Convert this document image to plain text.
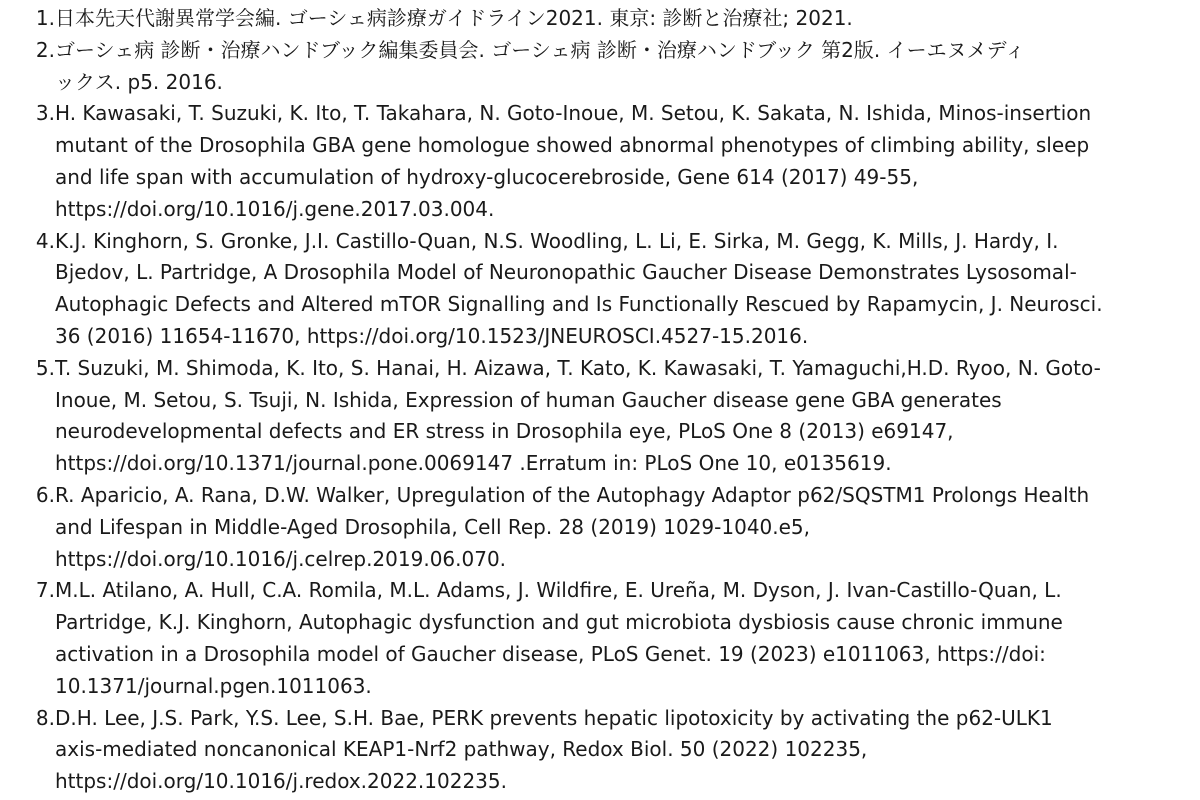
1. 日本先天代謝異常学会編. ゴーシェ病診療ガイドライン2021. 東京: 診断と治療社; 2021.
2. ゴーシェ病 診断・治療ハンドブック編集委員会. ゴーシェ病 診断・治療ハンドブック 第2版. イーエヌメディ
ックス. p5. 2016.
3. H. Kawasaki, T. Suzuki, K. Ito, T. Takahara, N. Goto-Inoue, M. Setou, K. Sakata, N. Ishida, Minos-insertion
mutant of the Drosophila GBA gene homologue showed abnormal phenotypes of climbing ability, sleep
and life span with accumulation of hydroxy-glucocerebroside, Gene 614 (2017) 49-55,
https://doi.org/10.1016/j.gene.2017.03.004.
4. K.J. Kinghorn, S. Gronke, J.I. Castillo-Quan, N.S. Woodling, L. Li, E. Sirka, M. Gegg, K. Mills, J. Hardy, I.
Bjedov, L. Partridge, A Drosophila Model of Neuronopathic Gaucher Disease Demonstrates Lysosomal-
Autophagic Defects and Altered mTOR Signalling and Is Functionally Rescued by Rapamycin, J. Neurosci.
36 (2016) 11654-11670, https://doi.org/10.1523/JNEUROSCI.4527-15.2016.
5. T. Suzuki, M. Shimoda, K. Ito, S. Hanai, H. Aizawa, T. Kato, K. Kawasaki, T. Yamaguchi,H.D. Ryoo, N. Goto-
Inoue, M. Setou, S. Tsuji, N. Ishida, Expression of human Gaucher disease gene GBA generates
neurodevelopmental defects and ER stress in Drosophila eye, PLoS One 8 (2013) e69147,
https://doi.org/10.1371/journal.pone.0069147 .Erratum in: PLoS One 10, e0135619.
6. R. Aparicio, A. Rana, D.W. Walker, Upregulation of the Autophagy Adaptor p62/SQSTM1 Prolongs Health
and Lifespan in Middle-Aged Drosophila, Cell Rep. 28 (2019) 1029-1040.e5,
https://doi.org/10.1016/j.celrep.2019.06.070.
7. M.L. Atilano, A. Hull, C.A. Romila, M.L. Adams, J. Wildfire, E. Ureña, M. Dyson, J. Ivan-Castillo-Quan, L.
Partridge, K.J. Kinghorn, Autophagic dysfunction and gut microbiota dysbiosis cause chronic immune
activation in a Drosophila model of Gaucher disease, PLoS Genet. 19 (2023) e1011063, https://doi:
10.1371/journal.pgen.1011063.
8. D.H. Lee, J.S. Park, Y.S. Lee, S.H. Bae, PERK prevents hepatic lipotoxicity by activating the p62-ULK1
axis-mediated noncanonical KEAP1-Nrf2 pathway, Redox Biol. 50 (2022) 102235,
https://doi.org/10.1016/j.redox.2022.102235.
